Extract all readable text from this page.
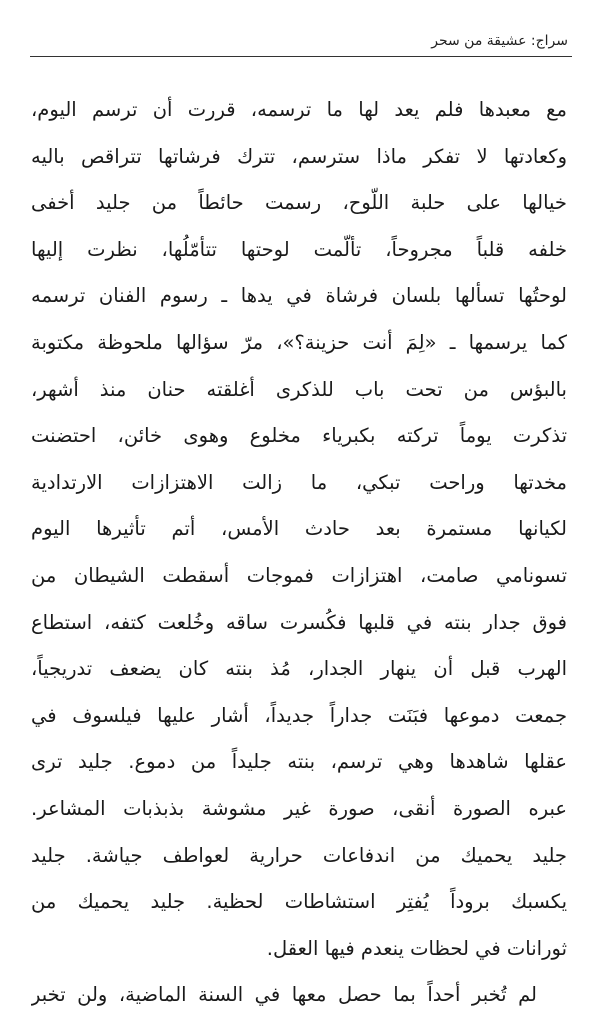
سراج: عشيقة من سحر
مع معبدها فلم يعد لها ما ترسمه، قررت أن ترسم اليوم،
وكعادتها لا تفكر ماذا سترسم، تترك فرشاتها تتراقص باليه
خيالها على حلبة اللّوح، رسمت حائطاً من جليد أخفى
خلفه قلباً مجروحاً، تألّمت لوحتها تتأمّلُها، نظرت إليها
لوحتُها تسألها بلسان فرشاة في يدها ـ رسوم الفنان ترسمه
كما يرسمها ـ «لِمَ أنت حزينة؟»، مرّ سؤالها ملحوظة مكتوبة
بالبؤس من تحت باب للذكرى أغلقته حنان منذ أشهر،
تذكرت يوماً تركته بكبرياء مخلوع وهوى خائن، احتضنت
مخدتها وراحت تبكي، ما زالت الاهتزازات الارتدادية
لكيانها مستمرة بعد حادث الأمس، أتم تأثيرها اليوم
تسونامي صامت، اهتزازات فموجات أسقطت الشيطان من
فوق جدار بنته في قلبها فكُسرت ساقه وخُلعت كتفه، استطاع
الهرب قبل أن ينهار الجدار، مُذ بنته كان يضعف تدريجياً،
جمعت دموعها فبَنَت جداراً جديداً، أشار عليها فيلسوف في
عقلها شاهدها وهي ترسم، بنته جليداً من دموع. جليد ترى
عبره الصورة أنقى، صورة غير مشوشة بذبذبات المشاعر.
جليد يحميك من اندفاعات حرارية لعواطف جياشة. جليد
يكسبك بروداً يُفتِر استشاطات لحظية. جليد يحميك من
ثورانات في لحظات ينعدم فيها العقل.
لم تُخبر أحداً بما حصل معها في السنة الماضية، ولن تخبر
